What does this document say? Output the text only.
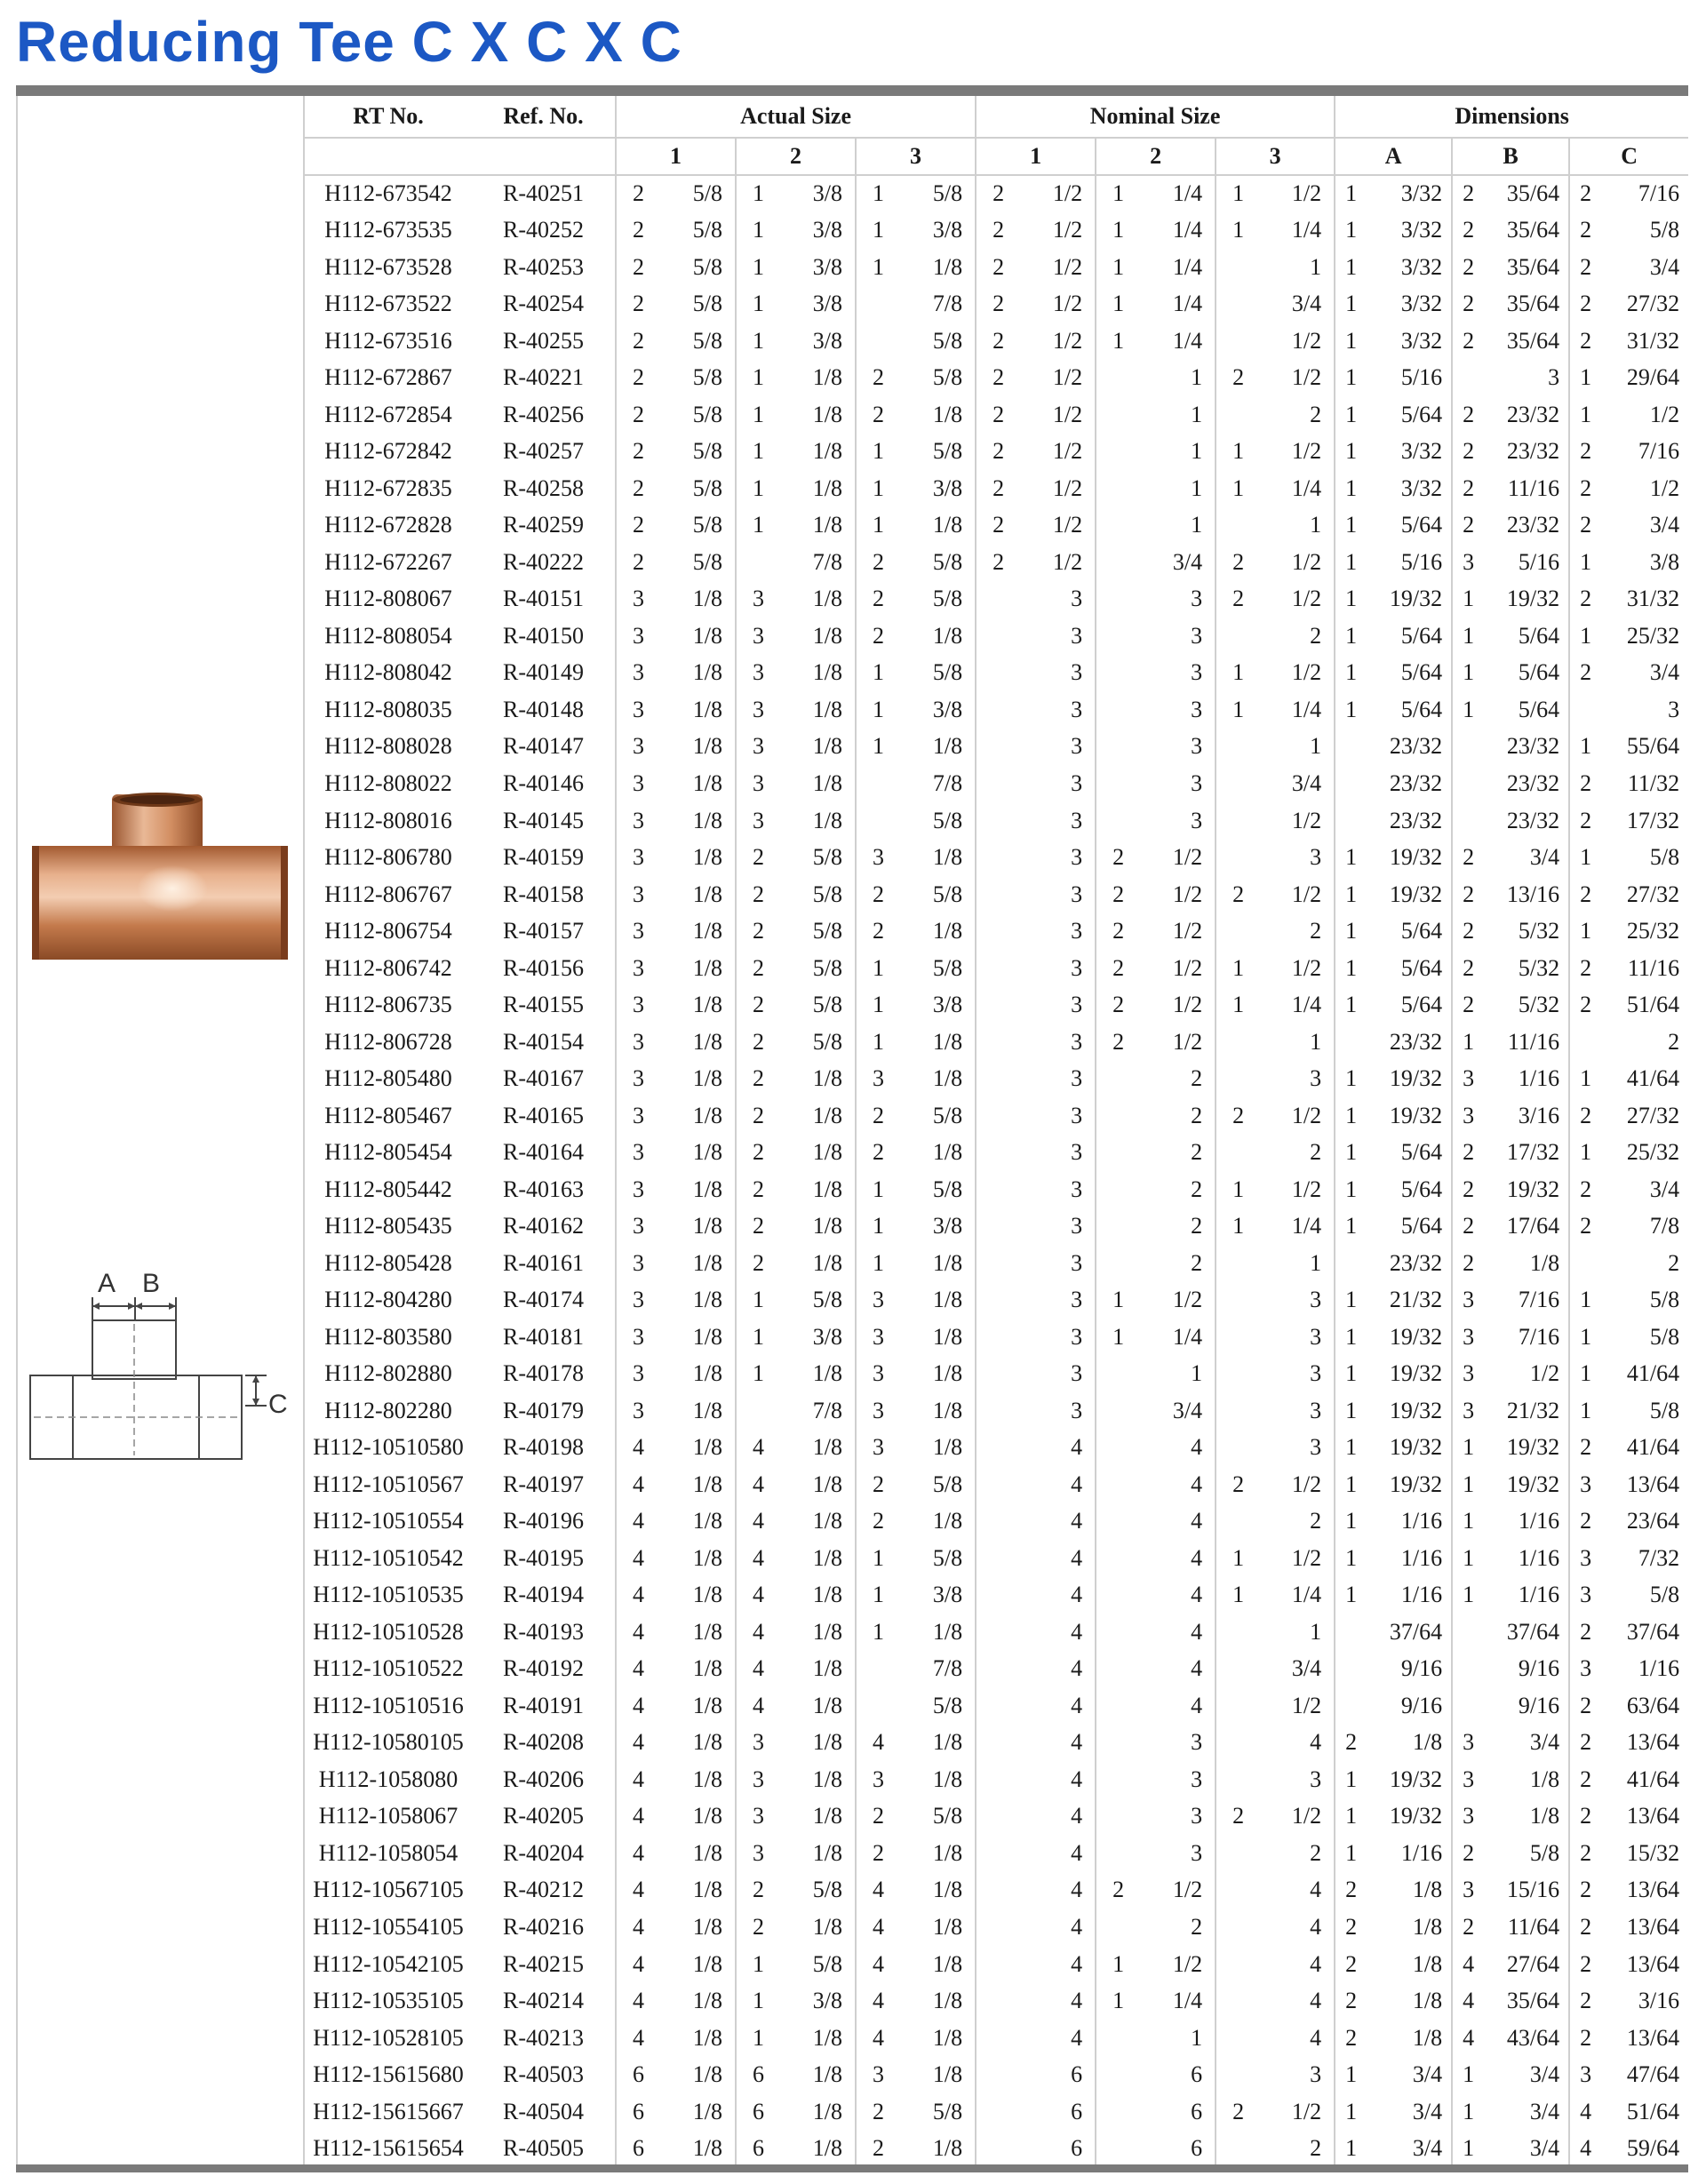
Reducing Tee C X C X C
A B
C
RT No.	Ref. No.	Actual Size						Nominal Size						Dimensions					
		1		2		3		1		2		3		A		B		C	
H112-673542	R-40251	2	5/8	1	3/8	1	5/8	2	1/2	1	1/4	1	1/2	1	3/32	2	35/64	2	7/16
H112-673535	R-40252	2	5/8	1	3/8	1	3/8	2	1/2	1	1/4	1	1/4	1	3/32	2	35/64	2	5/8
H112-673528	R-40253	2	5/8	1	3/8	1	1/8	2	1/2	1	1/4		1	1	3/32	2	35/64	2	3/4
H112-673522	R-40254	2	5/8	1	3/8		7/8	2	1/2	1	1/4		3/4	1	3/32	2	35/64	2	27/32
H112-673516	R-40255	2	5/8	1	3/8		5/8	2	1/2	1	1/4		1/2	1	3/32	2	35/64	2	31/32
H112-672867	R-40221	2	5/8	1	1/8	2	5/8	2	1/2		1	2	1/2	1	5/16		3	1	29/64
H112-672854	R-40256	2	5/8	1	1/8	2	1/8	2	1/2		1		2	1	5/64	2	23/32	1	1/2
H112-672842	R-40257	2	5/8	1	1/8	1	5/8	2	1/2		1	1	1/2	1	3/32	2	23/32	2	7/16
H112-672835	R-40258	2	5/8	1	1/8	1	3/8	2	1/2		1	1	1/4	1	3/32	2	11/16	2	1/2
H112-672828	R-40259	2	5/8	1	1/8	1	1/8	2	1/2		1		1	1	5/64	2	23/32	2	3/4
H112-672267	R-40222	2	5/8		7/8	2	5/8	2	1/2		3/4	2	1/2	1	5/16	3	5/16	1	3/8
H112-808067	R-40151	3	1/8	3	1/8	2	5/8		3		3	2	1/2	1	19/32	1	19/32	2	31/32
H112-808054	R-40150	3	1/8	3	1/8	2	1/8		3		3		2	1	5/64	1	5/64	1	25/32
H112-808042	R-40149	3	1/8	3	1/8	1	5/8		3		3	1	1/2	1	5/64	1	5/64	2	3/4
H112-808035	R-40148	3	1/8	3	1/8	1	3/8		3		3	1	1/4	1	5/64	1	5/64		3
H112-808028	R-40147	3	1/8	3	1/8	1	1/8		3		3		1		23/32		23/32	1	55/64
H112-808022	R-40146	3	1/8	3	1/8		7/8		3		3		3/4		23/32		23/32	2	11/32
H112-808016	R-40145	3	1/8	3	1/8		5/8		3		3		1/2		23/32		23/32	2	17/32
H112-806780	R-40159	3	1/8	2	5/8	3	1/8		3	2	1/2		3	1	19/32	2	3/4	1	5/8
H112-806767	R-40158	3	1/8	2	5/8	2	5/8		3	2	1/2	2	1/2	1	19/32	2	13/16	2	27/32
H112-806754	R-40157	3	1/8	2	5/8	2	1/8		3	2	1/2		2	1	5/64	2	5/32	1	25/32
H112-806742	R-40156	3	1/8	2	5/8	1	5/8		3	2	1/2	1	1/2	1	5/64	2	5/32	2	11/16
H112-806735	R-40155	3	1/8	2	5/8	1	3/8		3	2	1/2	1	1/4	1	5/64	2	5/32	2	51/64
H112-806728	R-40154	3	1/8	2	5/8	1	1/8		3	2	1/2		1		23/32	1	11/16		2
H112-805480	R-40167	3	1/8	2	1/8	3	1/8		3		2		3	1	19/32	3	1/16	1	41/64
H112-805467	R-40165	3	1/8	2	1/8	2	5/8		3		2	2	1/2	1	19/32	3	3/16	2	27/32
H112-805454	R-40164	3	1/8	2	1/8	2	1/8		3		2		2	1	5/64	2	17/32	1	25/32
H112-805442	R-40163	3	1/8	2	1/8	1	5/8		3		2	1	1/2	1	5/64	2	19/32	2	3/4
H112-805435	R-40162	3	1/8	2	1/8	1	3/8		3		2	1	1/4	1	5/64	2	17/64	2	7/8
H112-805428	R-40161	3	1/8	2	1/8	1	1/8		3		2		1		23/32	2	1/8		2
H112-804280	R-40174	3	1/8	1	5/8	3	1/8		3	1	1/2		3	1	21/32	3	7/16	1	5/8
H112-803580	R-40181	3	1/8	1	3/8	3	1/8		3	1	1/4		3	1	19/32	3	7/16	1	5/8
H112-802880	R-40178	3	1/8	1	1/8	3	1/8		3		1		3	1	19/32	3	1/2	1	41/64
H112-802280	R-40179	3	1/8		7/8	3	1/8		3		3/4		3	1	19/32	3	21/32	1	5/8
H112-10510580	R-40198	4	1/8	4	1/8	3	1/8		4		4		3	1	19/32	1	19/32	2	41/64
H112-10510567	R-40197	4	1/8	4	1/8	2	5/8		4		4	2	1/2	1	19/32	1	19/32	3	13/64
H112-10510554	R-40196	4	1/8	4	1/8	2	1/8		4		4		2	1	1/16	1	1/16	2	23/64
H112-10510542	R-40195	4	1/8	4	1/8	1	5/8		4		4	1	1/2	1	1/16	1	1/16	3	7/32
H112-10510535	R-40194	4	1/8	4	1/8	1	3/8		4		4	1	1/4	1	1/16	1	1/16	3	5/8
H112-10510528	R-40193	4	1/8	4	1/8	1	1/8		4		4		1		37/64		37/64	2	37/64
H112-10510522	R-40192	4	1/8	4	1/8		7/8		4		4		3/4		9/16		9/16	3	1/16
H112-10510516	R-40191	4	1/8	4	1/8		5/8		4		4		1/2		9/16		9/16	2	63/64
H112-10580105	R-40208	4	1/8	3	1/8	4	1/8		4		3		4	2	1/8	3	3/4	2	13/64
H112-1058080	R-40206	4	1/8	3	1/8	3	1/8		4		3		3	1	19/32	3	1/8	2	41/64
H112-1058067	R-40205	4	1/8	3	1/8	2	5/8		4		3	2	1/2	1	19/32	3	1/8	2	13/64
H112-1058054	R-40204	4	1/8	3	1/8	2	1/8		4		3		2	1	1/16	2	5/8	2	15/32
H112-10567105	R-40212	4	1/8	2	5/8	4	1/8		4	2	1/2		4	2	1/8	3	15/16	2	13/64
H112-10554105	R-40216	4	1/8	2	1/8	4	1/8		4		2		4	2	1/8	2	11/64	2	13/64
H112-10542105	R-40215	4	1/8	1	5/8	4	1/8		4	1	1/2		4	2	1/8	4	27/64	2	13/64
H112-10535105	R-40214	4	1/8	1	3/8	4	1/8		4	1	1/4		4	2	1/8	4	35/64	2	3/16
H112-10528105	R-40213	4	1/8	1	1/8	4	1/8		4		1		4	2	1/8	4	43/64	2	13/64
H112-15615680	R-40503	6	1/8	6	1/8	3	1/8		6		6		3	1	3/4	1	3/4	3	47/64
H112-15615667	R-40504	6	1/8	6	1/8	2	5/8		6		6	2	1/2	1	3/4	1	3/4	4	51/64
H112-15615654	R-40505	6	1/8	6	1/8	2	1/8		6		6		2	1	3/4	1	3/4	4	59/64
